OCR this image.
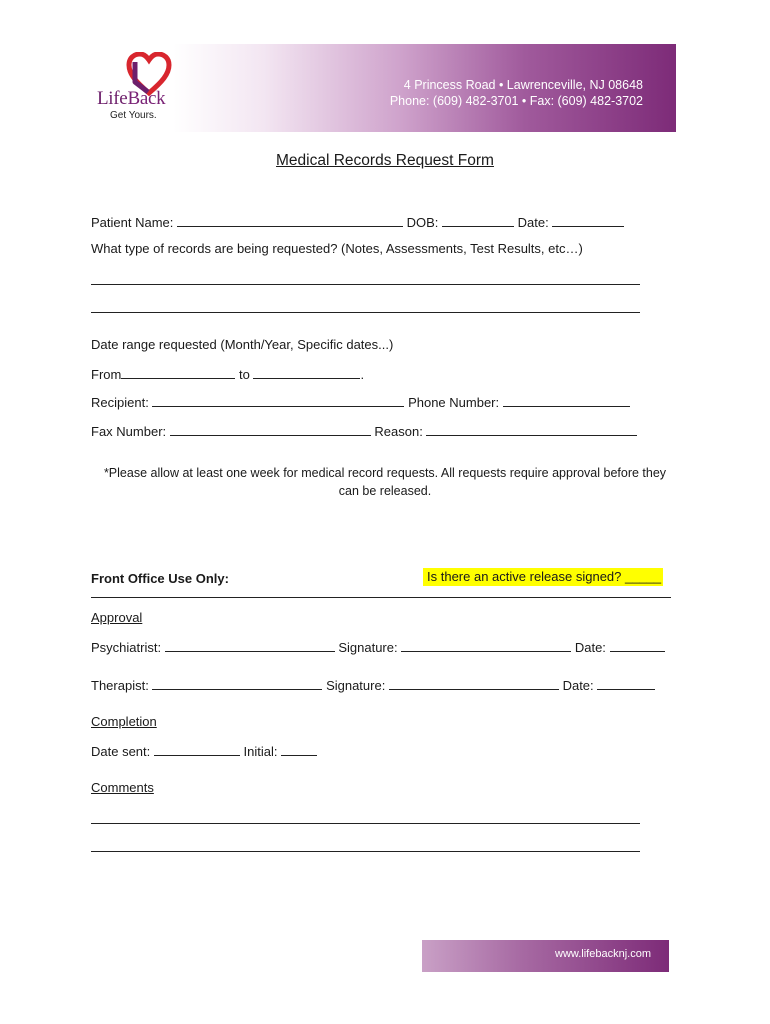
LifeBack
Get Yours.
4 Princess Road • Lawrenceville, NJ 08648
Phone: (609) 482-3701 • Fax: (609) 482-3702
Medical Records Request Form
Patient Name:	DOB:	Date:
What type of records are being requested? (Notes, Assessments, Test Results, etc…)
Date range requested (Month/Year, Specific dates...)
From	to	.
Recipient:	Phone Number:
Fax Number:	Reason:
*Please allow at least one week for medical record requests. All requests require approval before they
can be released.
Front Office Use Only:	Is there an active release signed? _____
Approval
Psychiatrist:	Signature:	Date:
Therapist:	Signature:	Date:
Completion
Date sent:	Initial:
Comments
www.lifebacknj.com
